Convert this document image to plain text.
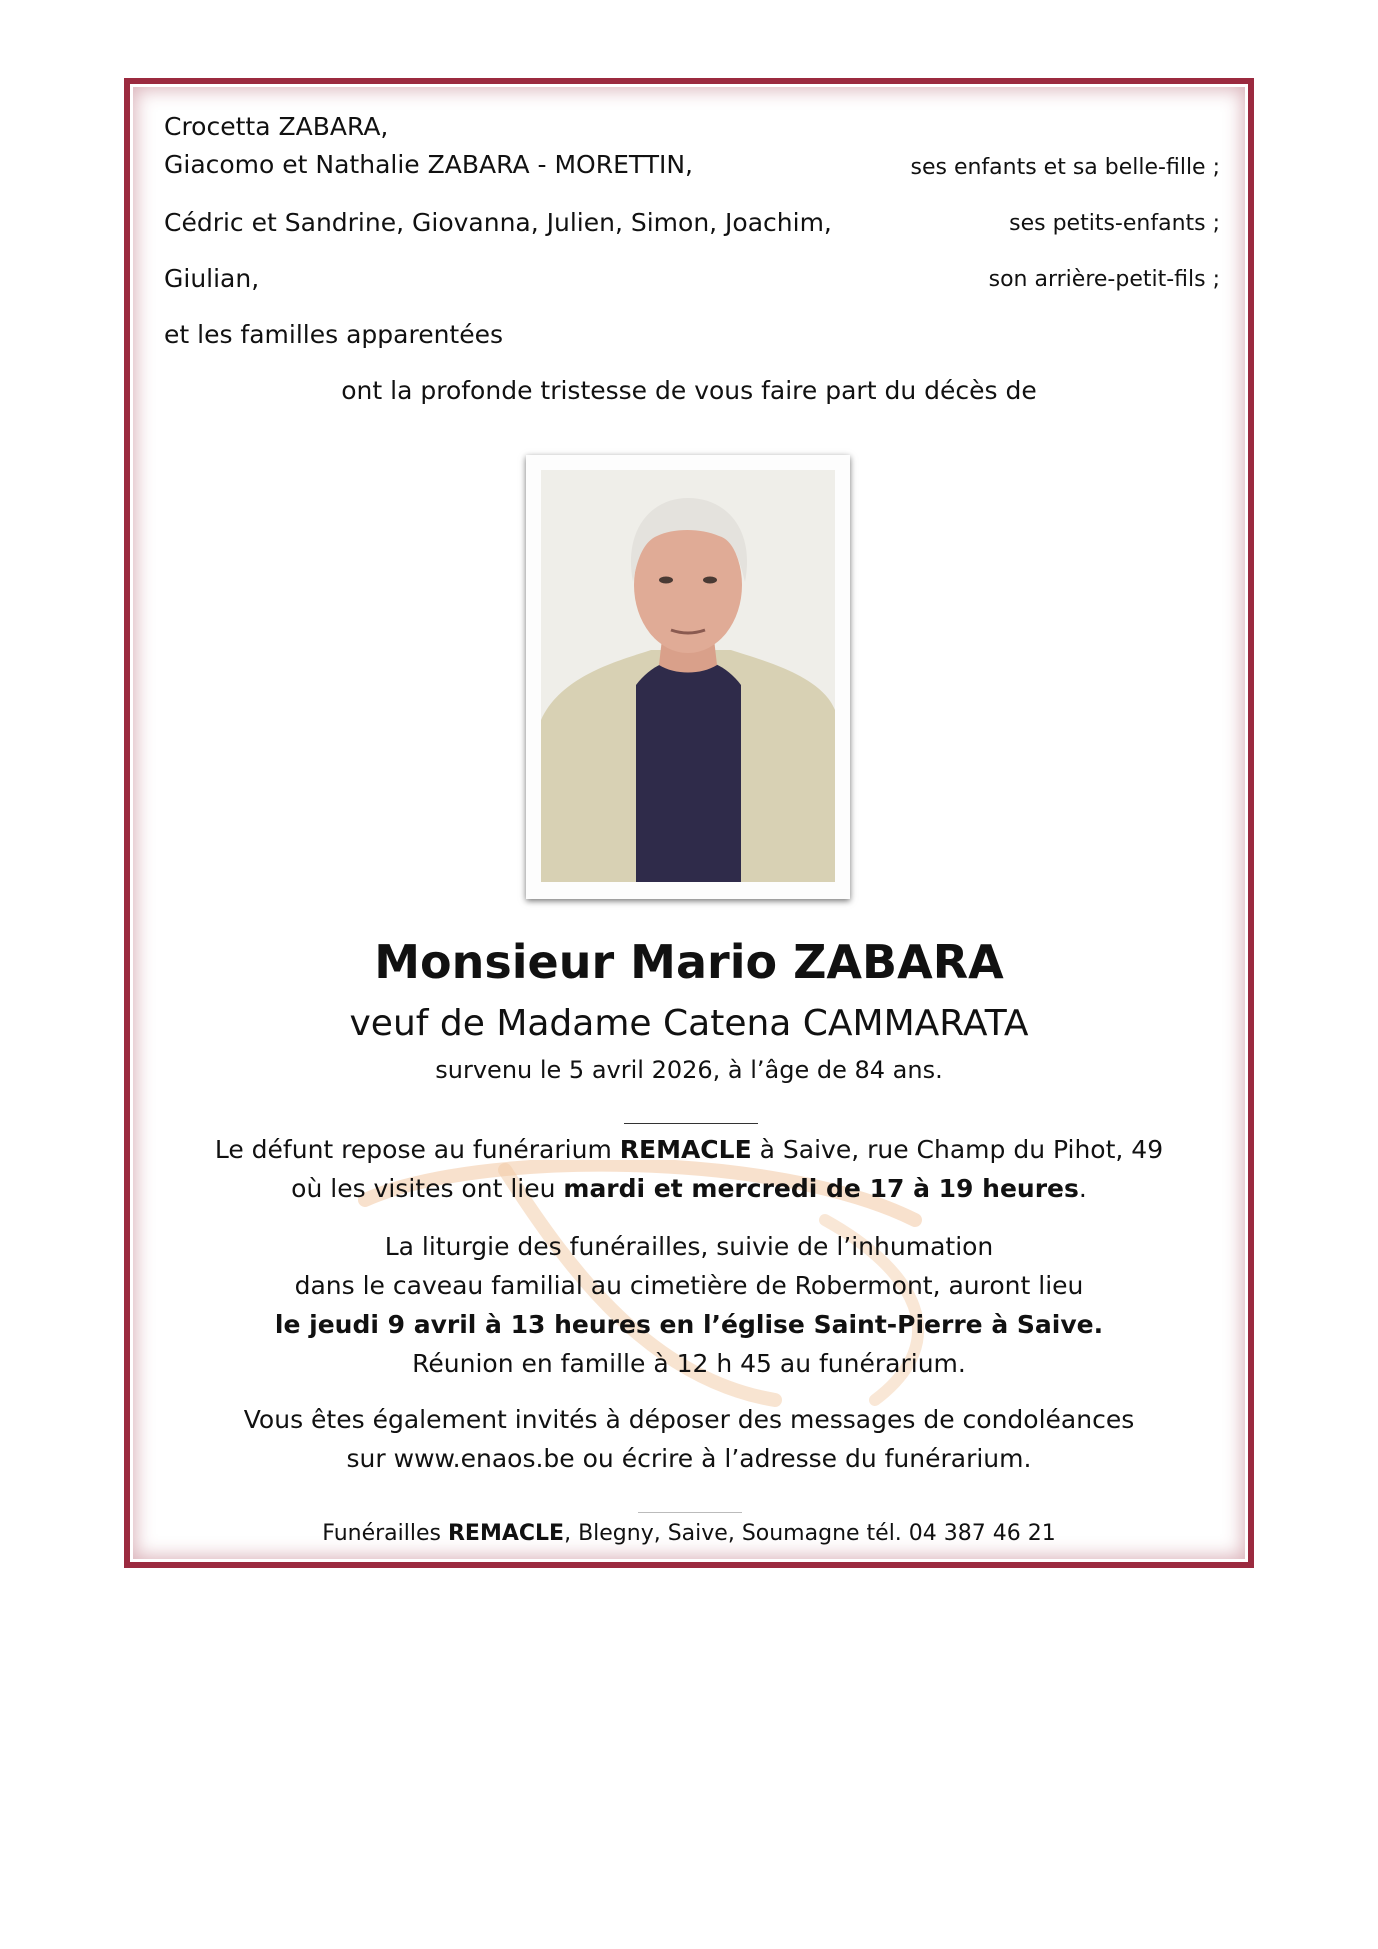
Crocetta ZABARA,
Giacomo et Nathalie ZABARA - MORETTIN,	ses enfants et sa belle-fille ;
Cédric et Sandrine, Giovanna, Julien, Simon, Joachim,	ses petits-enfants ;
Giulian,	son arrière-petit-fils ;
et les familles apparentées
ont la profonde tristesse de vous faire part du décès de
Monsieur Mario ZABARA
veuf de Madame Catena CAMMARATA
survenu le 5 avril 2026, à l’âge de 84 ans.
Le défunt repose au funérarium REMACLE à Saive, rue Champ du Pihot, 49
où les visites ont lieu mardi et mercredi de 17 à 19 heures.
La liturgie des funérailles, suivie de l’inhumation
dans le caveau familial au cimetière de Robermont, auront lieu
le jeudi 9 avril à 13 heures en l’église Saint-Pierre à Saive.
Réunion en famille à 12 h 45 au funérarium.
Vous êtes également invités à déposer des messages de condoléances
sur www.enaos.be ou écrire à l’adresse du funérarium.
Funérailles REMACLE, Blegny, Saive, Soumagne tél. 04 387 46 21
